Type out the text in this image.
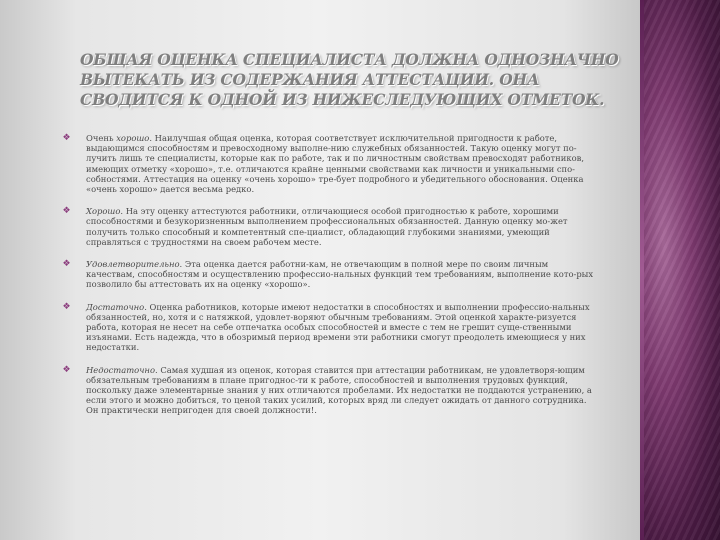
ОБЩАЯ ОЦЕНКА СПЕЦИАЛИСТА ДОЛЖНА ОДНОЗНАЧНО ВЫТЕКАТЬ ИЗ СОДЕРЖАНИЯ АТТЕСТАЦИИ. ОНА СВОДИТСЯ К ОДНОЙ ИЗ НИЖЕСЛЕДУЮЩИХ ОТМЕТОК.
❖ Очень хорошо. Наилучшая общая оценка, которая соответствует исключительной пригодности к работе, выдающимся способностям и превосходному выполне-нию служебных обязанностей. Такую оценку могут по-лучить лишь те специалисты, которые как по работе, так и по личностным свойствам превосходят работников, имеющих отметку «хорошо», т.е. отличаются крайне ценными свойствами как личности и уникальными спо-собностями. Аттестация на оценку «очень хорошо» тре-бует подробного и убедительного обоснования. Оценка «очень хорошо» дается весьма редко.
❖ Хорошо. На эту оценку аттестуются работники, отличающиеся особой пригодностью к работе, хорошими способностями и безукоризненным выполнением профессиональных обязанностей. Данную оценку мо-жет получить только способный и компетентный спе-циалист, обладающий глубокими знаниями, умеющий справляться с трудностями на своем рабочем месте.
❖ Удовлетворительно. Эта оценка дается работни-кам, не отвечающим в полной мере по своим личным качествам, способностям и осуществлению профессио-нальных функций тем требованиям, выполнение кото-рых позволило бы аттестовать их на оценку «хорошо».
❖ Достаточно. Оценка работников, которые имеют недостатки в способностях и выполнении профессио-нальных обязанностей, но, хотя и с натяжкой, удовлет-воряют обычным требованиям. Этой оценкой характе-ризуется работа, которая не несет на себе отпечатка особых способностей и вместе с тем не грешит суще-ственными изъянами. Есть надежда, что в обозримый период времени эти работники смогут преодолеть имеющиеся у них недостатки.
❖ Недостаточно. Самая худшая из оценок, которая ставится при аттестации работникам, не удовлетворя-ющим обязательным требованиям в плане пригоднос-ти к работе, способностей и выполнения трудовых функций, поскольку даже элементарные знания у них отличаются пробелами. Их недостатки не поддаются устранению, а если этого и можно добиться, то ценой таких усилий, которых вряд ли следует ожидать от данного сотрудника. Он практически непригоден для своей должности!.
